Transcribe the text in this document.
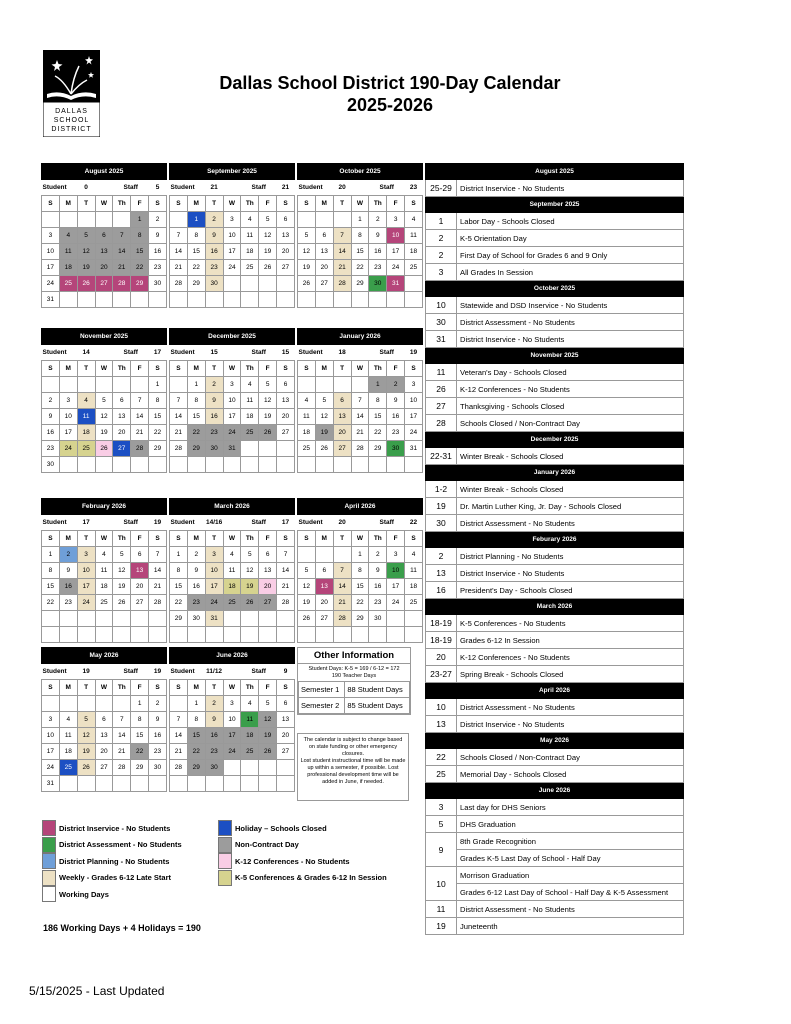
DALLAS
SCHOOL
DISTRICT
Dallas School District 190-Day Calendar
2025-2026
August 2025						
Student		0		Staff		5
S	M	T	W	Th	F	S
					1	2
3	4	5	6	7	8	9
10	11	12	13	14	15	16
17	18	19	20	21	22	23
24	25	26	27	28	29	30
31						
September 2025						
Student		21		Staff		21
S	M	T	W	Th	F	S
	1	2	3	4	5	6
7	8	9	10	11	12	13
14	15	16	17	18	19	20
21	22	23	24	25	26	27
28	29	30				

October 2025						
Student		20		Staff		23
S	M	T	W	Th	F	S
			1	2	3	4
5	6	7	8	9	10	11
12	13	14	15	16	17	18
19	20	21	22	23	24	25
26	27	28	29	30	31	

November 2025						
Student		14		Staff		17
S	M	T	W	Th	F	S
						1
2	3	4	5	6	7	8
9	10	11	12	13	14	15
16	17	18	19	20	21	22
23	24	25	26	27	28	29
30						
December 2025						
Student		15		Staff		15
S	M	T	W	Th	F	S
	1	2	3	4	5	6
7	8	9	10	11	12	13
14	15	16	17	18	19	20
21	22	23	24	25	26	27
28	29	30	31			

January 2026						
Student		18		Staff		19
S	M	T	W	Th	F	S
				1	2	3
4	5	6	7	8	9	10
11	12	13	14	15	16	17
18	19	20	21	22	23	24
25	26	27	28	29	30	31

February 2026						
Student		17		Staff		19
S	M	T	W	Th	F	S
1	2	3	4	5	6	7
8	9	10	11	12	13	14
15	16	17	18	19	20	21
22	23	24	25	26	27	28

March 2026						
Student		14/16		Staff		17
S	M	T	W	Th	F	S
1	2	3	4	5	6	7
8	9	10	11	12	13	14
15	16	17	18	19	20	21
22	23	24	25	26	27	28
29	30	31				

April 2026						
Student		20		Staff		22
S	M	T	W	Th	F	S
			1	2	3	4
5	6	7	8	9	10	11
12	13	14	15	16	17	18
19	20	21	22	23	24	25
26	27	28	29	30		

May 2026						
Student		19		Staff		19
S	M	T	W	Th	F	S
					1	2
3	4	5	6	7	8	9
10	11	12	13	14	15	16
17	18	19	20	21	22	23
24	25	26	27	28	29	30
31						
June 2026						
Student		11/12		Staff		9
S	M	T	W	Th	F	S
	1	2	3	4	5	6
7	8	9	10	11	12	13
14	15	16	17	18	19	20
21	22	23	24	25	26	27
28	29	30				

Other Information
Student Days: K-5 = 169 / 6-12 = 172
190 Teacher Days
Semester 1	88 Student Days
Semester 2	85 Student Days
The calendar is subject to change based on state funding or other emergency closures.
Lost student instructional time will be made up within a semester, if possible. Lost professional development time will be added in June, if needed.
District Inservice - No Students
District Assessment - No Students
District Planning - No Students
Weekly - Grades 6-12 Late Start
Working Days
Holiday – Schools Closed
Non-Contract Day
K-12 Conferences - No Students
K-5 Conferences & Grades 6-12 In Session
186 Working Days + 4 Holidays = 190
5/15/2025 - Last Updated
August 2025	
25-29	District Inservice - No Students
September 2025	
1	Labor Day - Schools Closed
2	K-5 Orientation Day
2	First Day of School for Grades 6 and 9 Only
3	All Grades In Session
October 2025	
10	Statewide and DSD Inservice - No Students
30	District Assessment - No Students
31	District Inservice - No Students
November 2025	
11	Veteran's Day - Schools Closed
26	K-12 Conferences - No Students
27	Thanksgiving - Schools Closed
28	Schools Closed / Non-Contract Day
December 2025	
22-31	Winter Break - Schools Closed
January 2026	
1-2	Winter Break - Schools Closed
19	Dr. Martin Luther King, Jr. Day - Schools Closed
30	District Assessment - No Students
Feburary 2026	
2	District Planning - No Students
13	District Inservice - No Students
16	President's Day - Schools Closed
March 2026	
18-19	K-5 Conferences - No Students
18-19	Grades 6-12 In Session
20	K-12 Conferences - No Students
23-27	Spring Break - Schools Closed
April 2026	
10	District Assessment - No Students
13	District Inservice - No Students
May 2026	
22	Schools Closed / Non-Contract Day
25	Memorial Day - Schools Closed
June 2026	
3	Last day for DHS Seniors
5	DHS Graduation
9	8th Grade Recognition
	Grades K-5 Last Day of School - Half Day
10	Morrison Graduation
	Grades 6-12 Last Day of School - Half Day & K-5 Assessment
11	District Assessment - No Students
19	Juneteenth
